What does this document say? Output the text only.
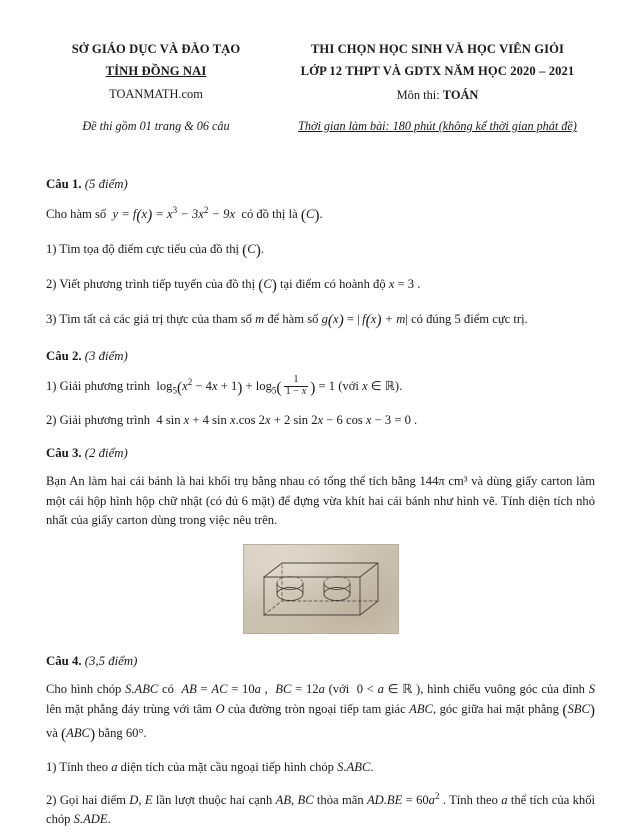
SỞ GIÁO DỤC VÀ ĐÀO TẠO
TỈNH ĐỒNG NAI
TOANMATH.com
THI CHỌN HỌC SINH VÀ HỌC VIÊN GIỎI
LỚP 12 THPT VÀ GDTX NĂM HỌC 2020 – 2021
Môn thi: TOÁN
Đề thi gồm 01 trang & 06 câu	Thời gian làm bài: 180 phút (không kể thời gian phát đề)
Câu 1. (5 điểm)

Cho hàm số  $y = f(x) = x^3 - 3x^2 - 9x$  có đồ thị là (C).

1) Tìm tọa độ điểm cực tiểu của đồ thị (C).

2) Viết phương trình tiếp tuyến của đồ thị (C) tại điểm có hoành độ x = 3 .

3) Tìm tất cả các giá trị thực của tham số m để hàm số g(x) = | f(x) + m| có đúng 5 điểm cực trị.

Câu 2. (3 điểm)

1) Giải phương trình  $\log_5(x^2 - 4x + 1) + \log_5( \frac{1}{1 - x}$ ) = 1 (với x ∈ ℝ).

2) Giải phương trình  4 sin x + 4 sin x.cos 2x + 2 sin 2x − 6 cos x − 3 = 0 .

Câu 3. (2 điểm)

Bạn An làm hai cái bánh là hai khối trụ bằng nhau có tổng thể tích bằng 144π cm³ và dùng giấy carton làm một cái hộp hình hộp chữ nhật (có đủ 6 mặt) để đựng vừa khít hai cái bánh như hình vẽ. Tính diện tích nhỏ nhất của giấy carton dùng trong việc nêu trên.

Câu 4. (3,5 điểm)

Cho hình chóp S.ABC có  AB = AC = 10a ,  BC = 12a (với  0 < a ∈ ℝ ), hình chiếu vuông góc của đỉnh S lên mặt phẳng đáy trùng với tâm O của đường tròn ngoại tiếp tam giác ABC, góc giữa hai mặt phẳng (SBC) và (ABC) bằng 60°.

1) Tính theo a diện tích của mặt cầu ngoại tiếp hình chóp S.ABC.

2) Gọi hai điểm D, E lần lượt thuộc hai cạnh AB, BC thỏa mãn $AD.BE = 60a^2$ . Tính theo a thể tích của khối chóp S.ADE.
